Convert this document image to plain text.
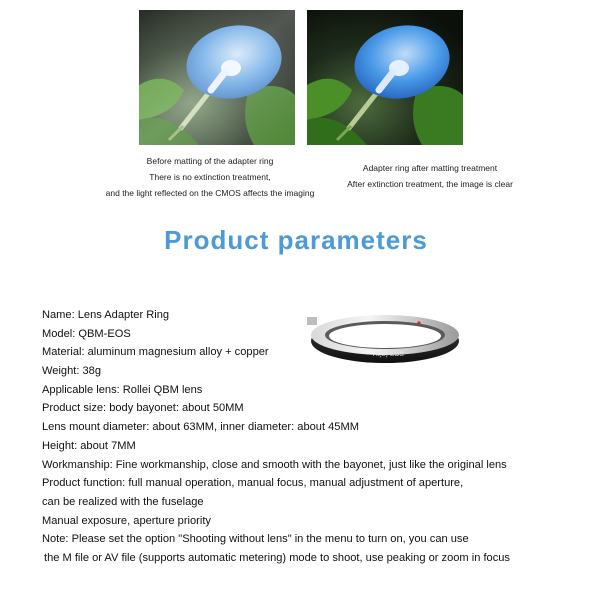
Before matting of the adapter ring
There is no extinction treatment,
and the light reflected on the CMOS affects the imaging
Adapter ring after matting treatment
After extinction treatment, the image is clear
Product parameters
AI(S)-EOS
Name: Lens Adapter Ring
Model: QBM-EOS
Material: aluminum magnesium alloy + copper
Weight: 38g
Applicable lens: Rollei QBM lens
Product size: body bayonet: about 50MM
Lens mount diameter: about 63MM, inner diameter: about 45MM
Height: about 7MM
Workmanship: Fine workmanship, close and smooth with the bayonet, just like the original lens
Product function: full manual operation, manual focus, manual adjustment of aperture,
can be realized with the fuselage
Manual exposure, aperture priority
Note: Please set the option "Shooting without lens" in the menu to turn on, you can use
the M file or AV file (supports automatic metering) mode to shoot, use peaking or zoom in focus
